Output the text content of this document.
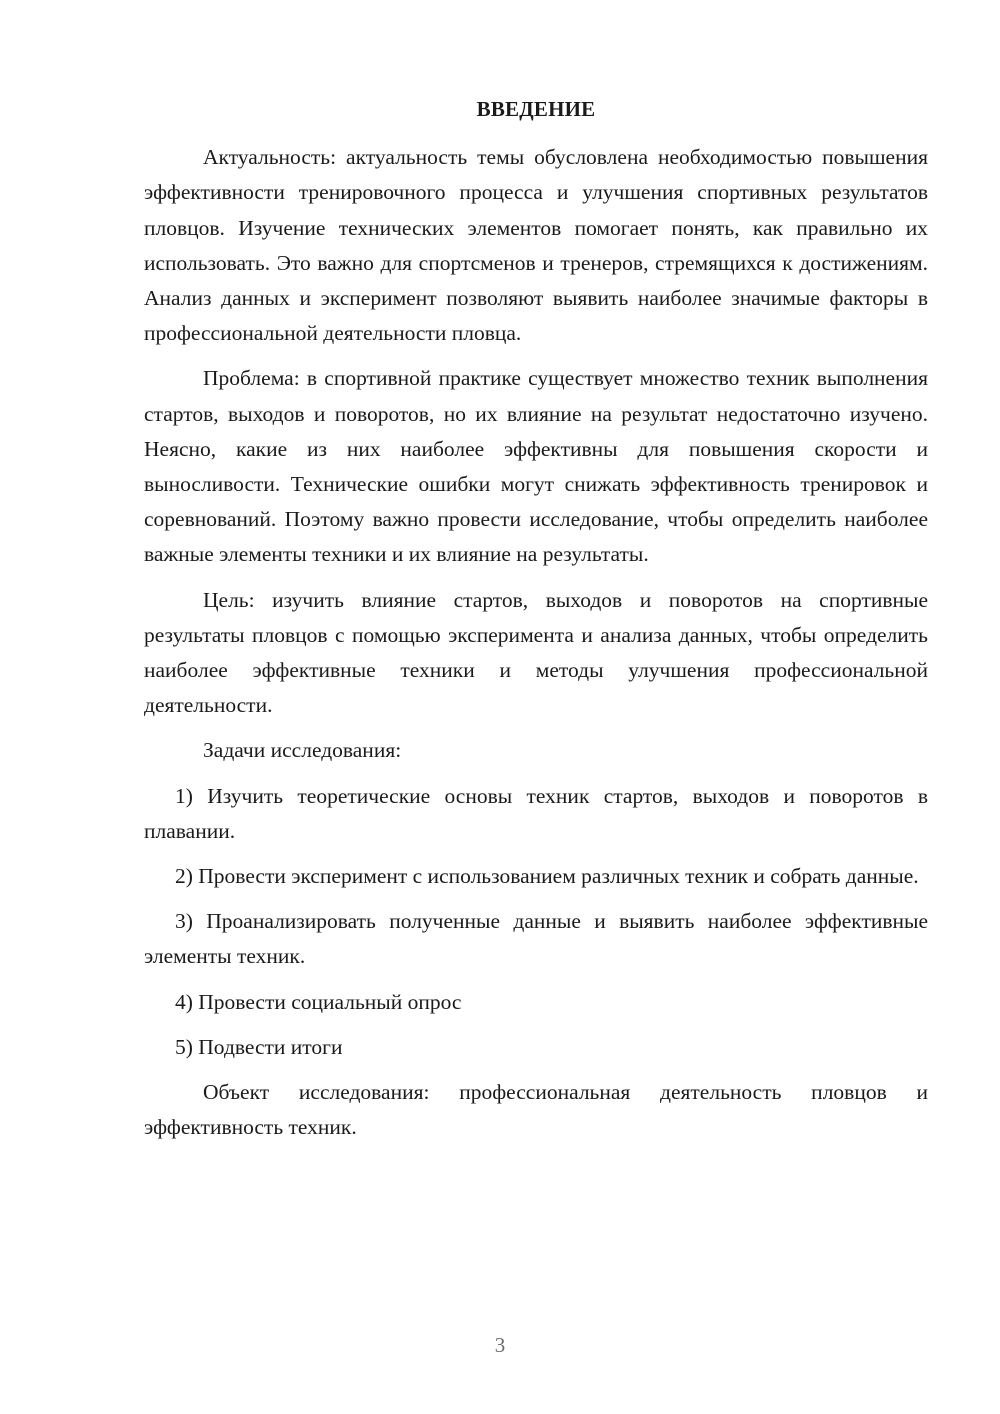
ВВЕДЕНИЕ

Актуальность: актуальность темы обусловлена необходимостью повышения эффективности тренировочного процесса и улучшения спортивных результатов пловцов. Изучение технических элементов помогает понять, как правильно их использовать. Это важно для спортсменов и тренеров, стремящихся к достижениям. Анализ данных и эксперимент позволяют выявить наиболее значимые факторы в профессиональной деятельности пловца.

Проблема: в спортивной практике существует множество техник выполнения стартов, выходов и поворотов, но их влияние на результат недостаточно изучено. Неясно, какие из них наиболее эффективны для повышения скорости и выносливости. Технические ошибки могут снижать эффективность тренировок и соревнований. Поэтому важно провести исследование, чтобы определить наиболее важные элементы техники и их влияние на результаты.

Цель: изучить влияние стартов, выходов и поворотов на спортивные результаты пловцов с помощью эксперимента и анализа данных, чтобы определить наиболее эффективные техники и методы улучшения профессиональной деятельности.

Задачи исследования:

1) Изучить теоретические основы техник стартов, выходов и поворотов в плавании.

2) Провести эксперимент с использованием различных техник и собрать данные.

3) Проанализировать полученные данные и выявить наиболее эффективные элементы техник.

4) Провести социальный опрос

5) Подвести итоги

Объект исследования: профессиональная деятельность пловцов и эффективность техник.

3
